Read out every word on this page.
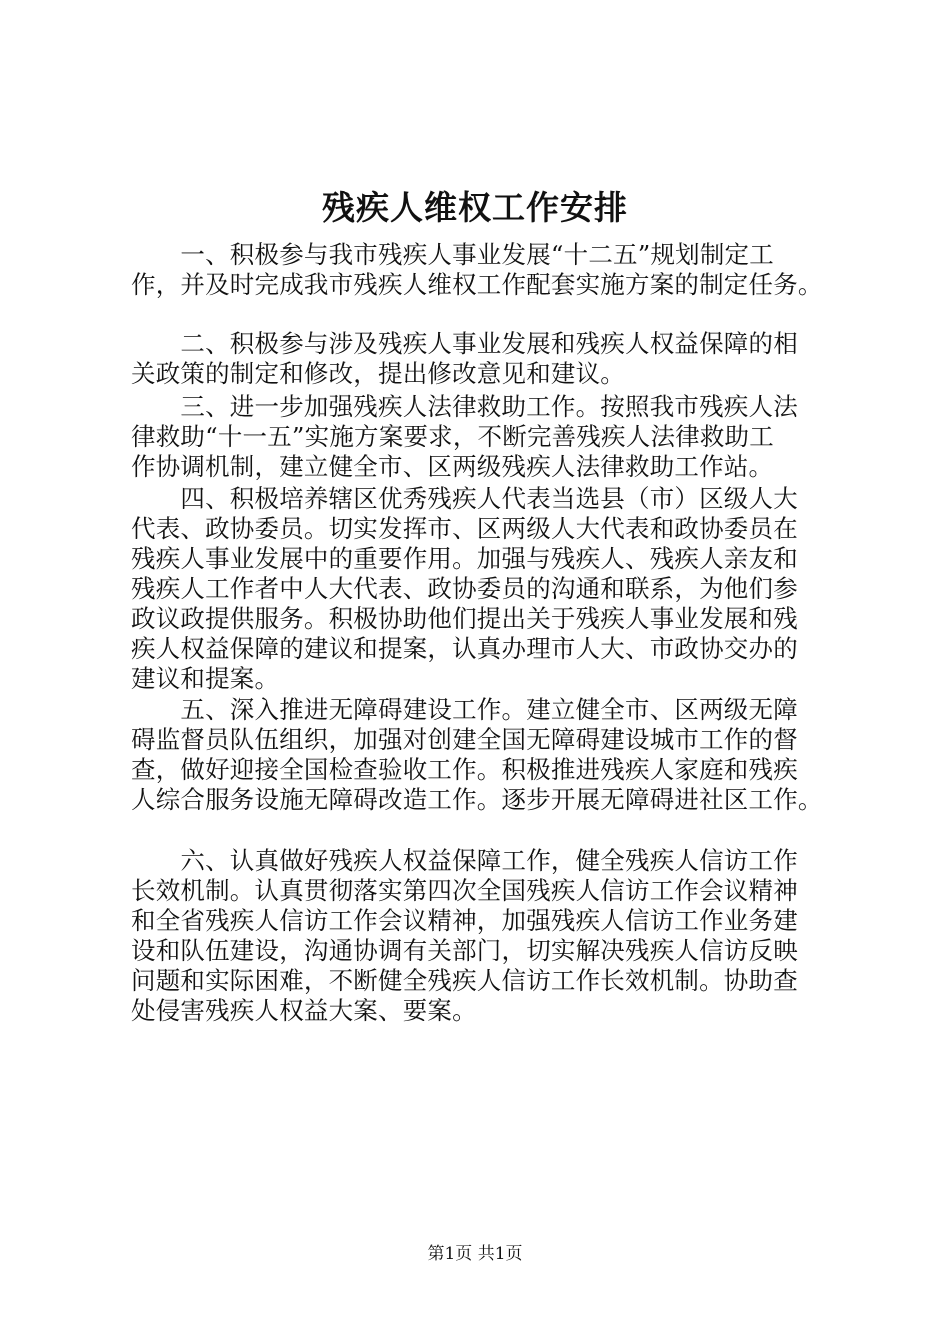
残疾人维权工作安排
　　一、积极参与我市残疾人事业发展“十二五”规划制定工
作，并及时完成我市残疾人维权工作配套实施方案的制定任务。
　　二、积极参与涉及残疾人事业发展和残疾人权益保障的相
关政策的制定和修改，提出修改意见和建议。
　　三、进一步加强残疾人法律救助工作。按照我市残疾人法
律救助“十一五”实施方案要求，不断完善残疾人法律救助工
作协调机制，建立健全市、区两级残疾人法律救助工作站。
　　四、积极培养辖区优秀残疾人代表当选县（市）区级人大
代表、政协委员。切实发挥市、区两级人大代表和政协委员在
残疾人事业发展中的重要作用。加强与残疾人、残疾人亲友和
残疾人工作者中人大代表、政协委员的沟通和联系，为他们参
政议政提供服务。积极协助他们提出关于残疾人事业发展和残
疾人权益保障的建议和提案，认真办理市人大、市政协交办的
建议和提案。
　　五、深入推进无障碍建设工作。建立健全市、区两级无障
碍监督员队伍组织，加强对创建全国无障碍建设城市工作的督
查，做好迎接全国检查验收工作。积极推进残疾人家庭和残疾
人综合服务设施无障碍改造工作。逐步开展无障碍进社区工作。
　　六、认真做好残疾人权益保障工作，健全残疾人信访工作
长效机制。认真贯彻落实第四次全国残疾人信访工作会议精神
和全省残疾人信访工作会议精神，加强残疾人信访工作业务建
设和队伍建设，沟通协调有关部门，切实解决残疾人信访反映
问题和实际困难，不断健全残疾人信访工作长效机制。协助查
处侵害残疾人权益大案、要案。
第1页 共1页
